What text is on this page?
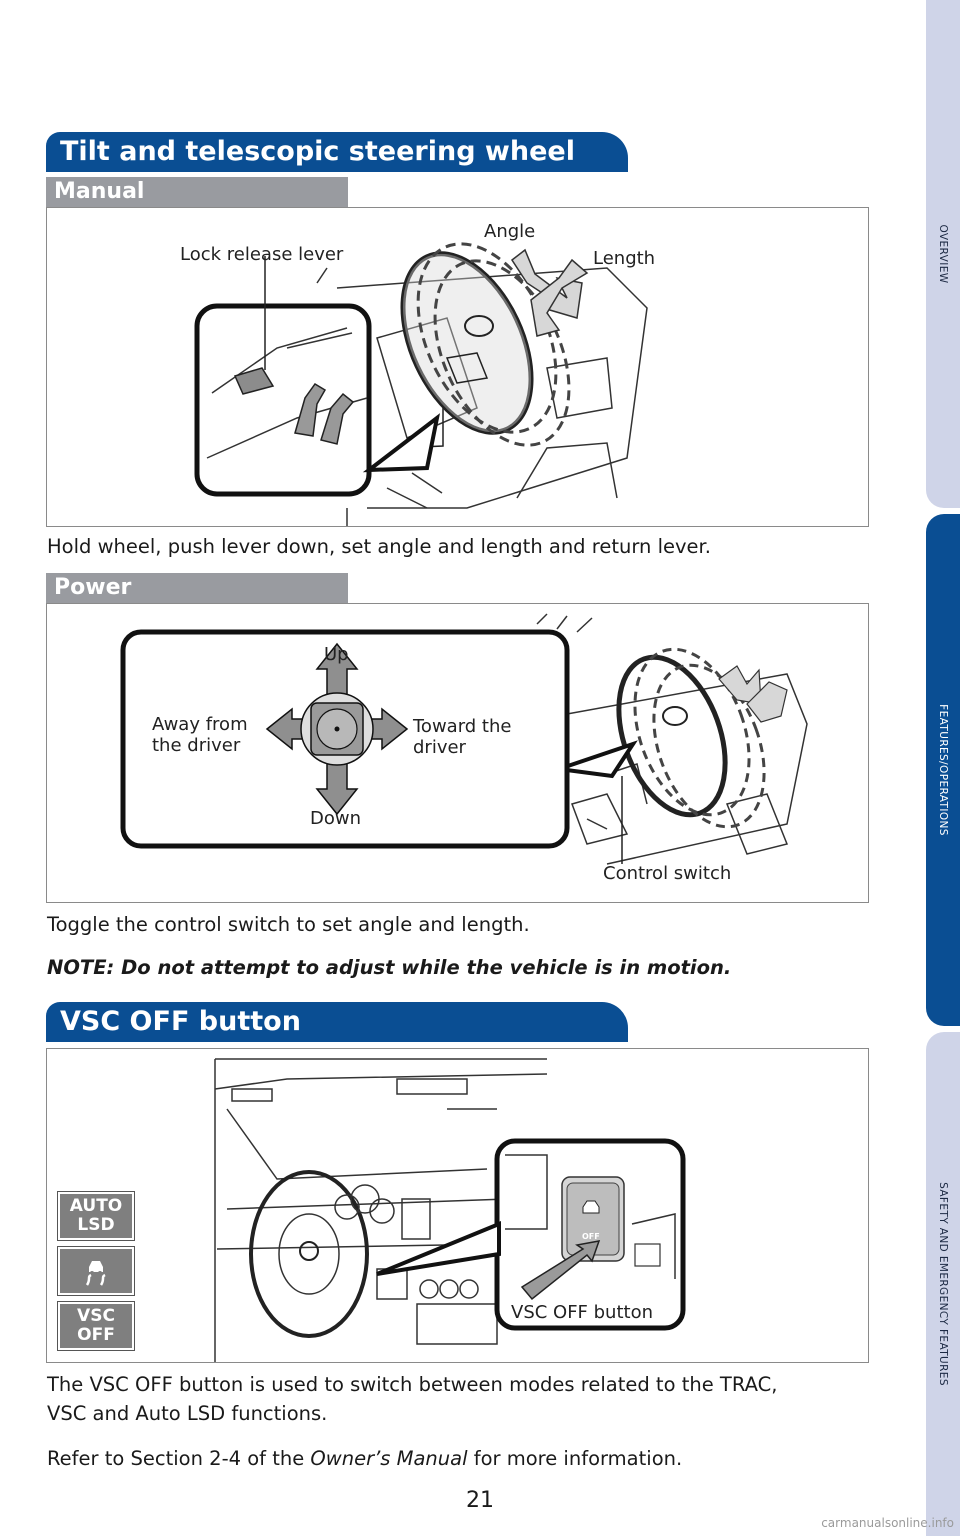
OVERVIEW
FEATURES/OPERATIONS
SAFETY AND EMERGENCY FEATURES
Tilt and telescopic steering wheel
Manual
Lock release lever
Angle
Length
Hold wheel, push lever down, set angle and length and return lever.
Power
Up
Down
Away from
the driver
Toward the
driver
Control switch
Toggle the control switch to set angle and length.
NOTE: Do not attempt to adjust while the vehicle is in motion.
VSC OFF button
OFF
AUTO
LSD
VSC
OFF
VSC OFF button
The VSC OFF button is used to switch between modes related to the TRAC,
VSC and Auto LSD functions.
Refer to Section 2-4 of the Owner’s Manual for more information.
21
carmanualsonline.info
